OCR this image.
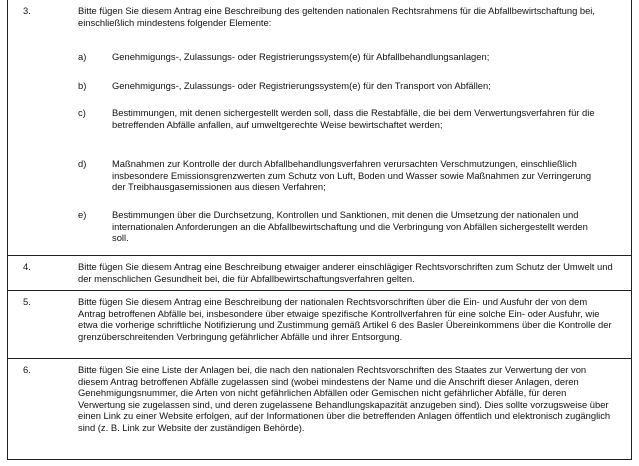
3.	Bitte fügen Sie diesem Antrag eine Beschreibung des geltenden nationalen Rechtsrahmens für die Abfallbewirtschaftung bei, einschließlich mindestens folgender Elemente:
a)	Genehmigungs-, Zulassungs- oder Registrierungssystem(e) für Abfallbehandlungsanlagen;
b)	Genehmigungs-, Zulassungs- oder Registrierungssystem(e) für den Transport von Abfällen;
c)	Bestimmungen, mit denen sichergestellt werden soll, dass die Restabfälle, die bei dem Verwertungsverfahren für die betreffenden Abfälle anfallen, auf umweltgerechte Weise bewirtschaftet werden;
d)	Maßnahmen zur Kontrolle der durch Abfallbehandlungsverfahren verursachten Verschmutzungen, einschließlich insbesondere Emissionsgrenzwerten zum Schutz von Luft, Boden und Wasser sowie Maßnahmen zur Verringerung der Treibhausgasemissionen aus diesen Verfahren;
e)	Bestimmungen über die Durchsetzung, Kontrollen und Sanktionen, mit denen die Umsetzung der nationalen und internationalen Anforderungen an die Abfallbewirtschaftung und die Verbringung von Abfällen sichergestellt werden soll.
4.	Bitte fügen Sie diesem Antrag eine Beschreibung etwaiger anderer einschlägiger Rechtsvorschriften zum Schutz der Umwelt und der menschlichen Gesundheit bei, die für Abfallbewirtschaftungsverfahren gelten.
5.	Bitte fügen Sie diesem Antrag eine Beschreibung der nationalen Rechtsvorschriften über die Ein- und Ausfuhr der von dem Antrag betroffenen Abfälle bei, insbesondere über etwaige spezifische Kontrollverfahren für eine solche Ein- oder Ausfuhr, wie etwa die vorherige schriftliche Notifizierung und Zustimmung gemäß Artikel 6 des Basler Übereinkommens über die Kontrolle der grenzüberschreitenden Verbringung gefährlicher Abfälle und ihrer Entsorgung.
6.	Bitte fügen Sie eine Liste der Anlagen bei, die nach den nationalen Rechtsvorschriften des Staates zur Verwertung der von diesem Antrag betroffenen Abfälle zugelassen sind (wobei mindestens der Name und die Anschrift dieser Anlagen, deren Genehmigungsnummer, die Arten von nicht gefährlichen Abfällen oder Gemischen nicht gefährlicher Abfälle, für deren Verwertung sie zugelassen sind, und deren zugelassene Behandlungskapazität anzugeben sind). Dies sollte vorzugsweise über einen Link zu einer Website erfolgen, auf der Informationen über die betreffenden Anlagen öffentlich und elektronisch zugänglich sind (z. B. Link zur Website der zuständigen Behörde).
